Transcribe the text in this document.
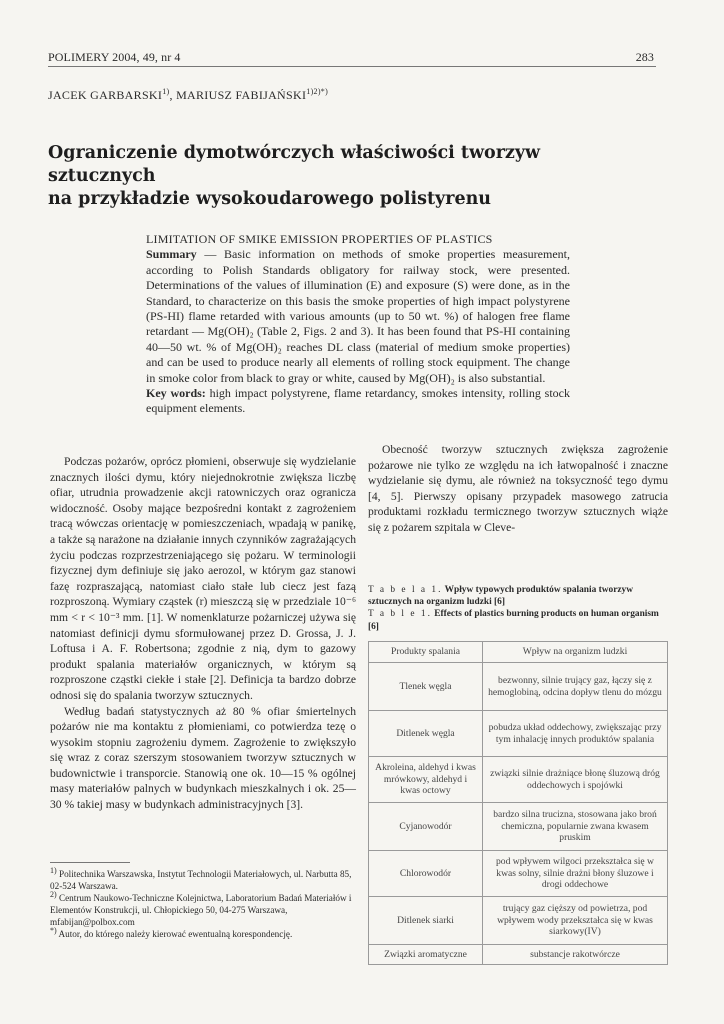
POLIMERY 2004, 49, nr 4	283
JACEK GARBARSKI$^{1)}$, MARIUSZ $FABIJAŃSKI^{1)2)*)}$
Ograniczenie dymotwórczych właściwości tworzyw sztucznych
na przykładzie wysokoudarowego polistyrenu
LIMITATION OF SMIKE EMISSION PROPERTIES OF PLASTICS
Summary — Basic information on methods of smoke properties measurement, according to Polish Standards obligatory for railway stock, were presented. Determinations of the values of illumination (E) and exposure (S) were done, as in the Standard, to characterize on this basis the smoke properties of high impact polystyrene (PS-HI) flame retarded with various amounts (up to 50 wt. %) of halogen free flame retardant — Mg(OH)₂ (Table 2, Figs. 2 and 3). It has been found that PS-HI containing 40—50 wt. % of Mg(OH)₂ reaches DL class (material of medium smoke properties) and can be used to produce nearly all elements of rolling stock equipment. The change in smoke color from black to gray or white, caused by Mg(OH)₂ is also substantial.
Key words: high impact polystyrene, flame retardancy, smokes intensity, rolling stock equipment elements.

Podczas pożarów, oprócz płomieni, obserwuje się wydzielanie znacznych ilości dymu, który niejednokrotnie zwiększa liczbę ofiar, utrudnia prowadzenie akcji ratowniczych oraz ogranicza widoczność. Osoby mające bezpośredni kontakt z zagrożeniem tracą wówczas orientację w pomieszczeniach, wpadają w panikę, a także są narażone na działanie innych czynników zagrażających życiu podczas rozprzestrzeniającego się pożaru. W terminologii fizycznej dym definiuje się jako aerozol, w którym gaz stanowi fazę rozpraszającą, natomiast ciało stałe lub ciecz jest fazą rozproszoną. Wymiary cząstek (r) mieszczą się w przedziale 10⁻⁶ mm < r < 10⁻³ mm. [1]. W nomenklaturze pożarniczej używa się natomiast definicji dymu sformułowanej przez D. Grossa, J. J. Loftusa i A. F. Robertsona; zgodnie z nią, dym to gazowy produkt spalania materiałów organicznych, w którym są rozproszone cząstki ciekłe i stałe [2]. Definicja ta bardzo dobrze odnosi się do spalania tworzyw sztucznych.

Według badań statystycznych aż 80 % ofiar śmiertelnych pożarów nie ma kontaktu z płomieniami, co potwierdza tezę o wysokim stopniu zagrożeniu dymem. Zagrożenie to zwiększyło się wraz z coraz szerszym stosowaniem tworzyw sztucznych w budownictwie i transporcie. Stanowią one ok. 10—15 % ogólnej masy materiałów palnych w budynkach mieszkalnych i ok. 25—30 % takiej masy w budynkach administracyjnych [3].

1) Politechnika Warszawska, Instytut Technologii Materiałowych, ul. Narbutta 85, 02-524 Warszawa.

2) Centrum Naukowo-Techniczne Kolejnictwa, Laboratorium Badań Materiałów i Elementów Konstrukcji, ul. Chłopickiego 50, 04-275 Warszawa, mfabijan@polbox.com

*) Autor, do którego należy kierować ewentualną korespondencję.

Obecność tworzyw sztucznych zwiększa zagrożenie pożarowe nie tylko ze względu na ich łatwopalność i znaczne wydzielanie się dymu, ale również na toksyczność tego dymu [4, 5]. Pierwszy opisany przypadek masowego zatrucia produktami rozkładu termicznego tworzyw sztucznych wiąże się z pożarem szpitala w Cleve-

T a b e l a 1. Wpływ typowych produktów spalania tworzyw sztucznych na organizm ludzki [6]
T a b l e 1. Effects of plastics burning products on human organism [6]
Produkty spalania	Wpływ na organizm ludzki
Tlenek węgla	bezwonny, silnie trujący gaz, łączy się z hemoglobiną, odcina dopływ tlenu do mózgu
Ditlenek węgla	pobudza układ oddechowy, zwiększając przy tym inhalację innych produktów spalania
Akroleina, aldehyd i kwas mrówkowy, aldehyd i kwas octowy	związki silnie drażniące błonę śluzową dróg oddechowych i spojówki
Cyjanowodór	bardzo silna trucizna, stosowana jako broń chemiczna, popularnie zwana kwasem pruskim
Chlorowodór	pod wpływem wilgoci przekształca się w kwas solny, silnie drażni błony śluzowe i drogi oddechowe
Ditlenek siarki	trujący gaz cięższy od powietrza, pod wpływem wody przekształca się w kwas siarkowy(IV)
Związki aromatyczne	substancje rakotwórcze
